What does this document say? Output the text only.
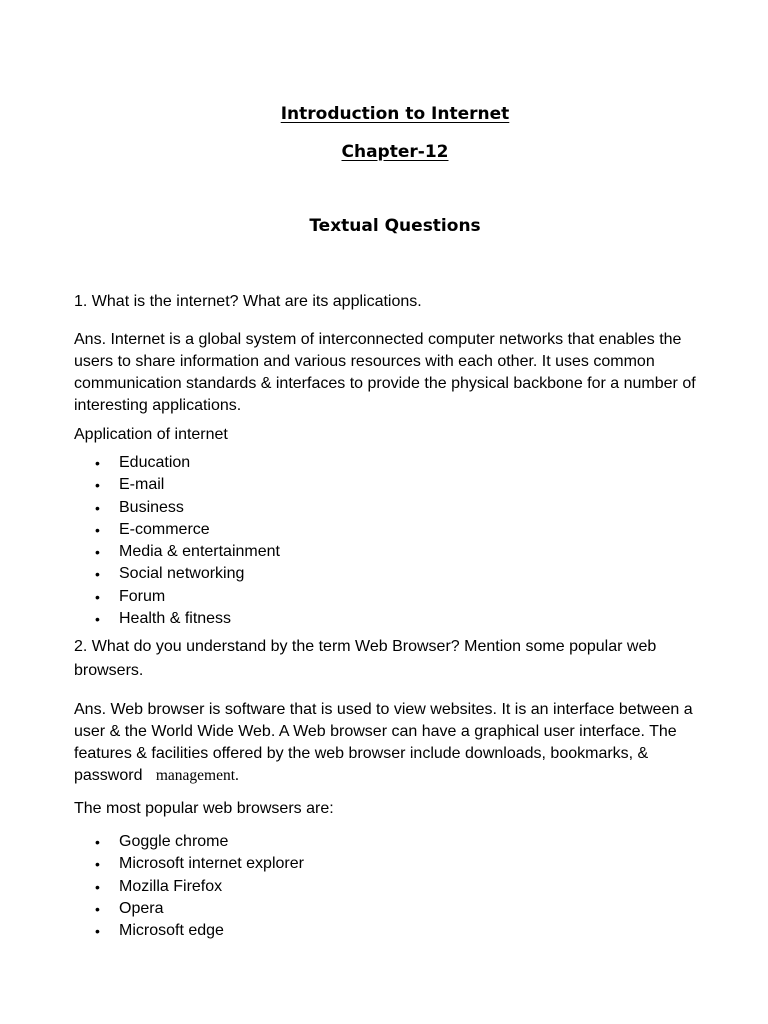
Introduction to Internet
Chapter-12
Textual Questions

1. What is the internet? What are its applications.

Ans. Internet is a global system of interconnected computer networks that enables the users to share information and various resources with each other. It uses common communication standards & interfaces to provide the physical backbone for a number of interesting applications.

Application of internet

• Education
• E-mail
• Business
• E-commerce
• Media & entertainment
• Social networking
• Forum
• Health & fitness

2. What do you understand by the term Web Browser? Mention some popular web browsers.

Ans. Web browser is software that is used to view websites. It is an interface between a user & the World Wide Web. A Web browser can have a graphical user interface. The features & facilities offered by the web browser include downloads, bookmarks, & password management.

The most popular web browsers are:

• Goggle chrome
• Microsoft internet explorer
• Mozilla Firefox
• Opera
• Microsoft edge
